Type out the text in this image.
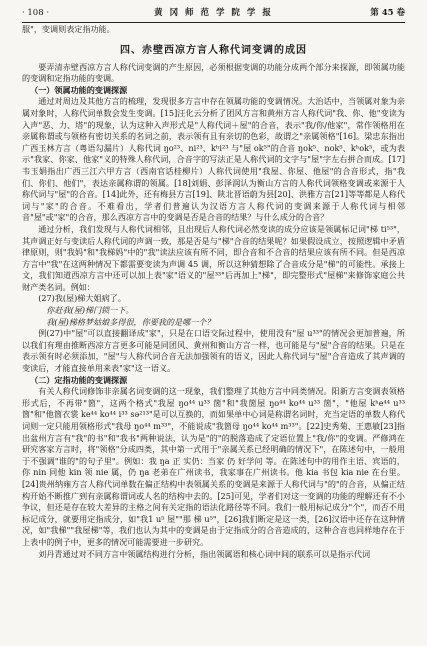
· 108 ·	黄 冈 师 范 学 院 学 报	第 45 卷

服"，变调则表定指功能。

四、赤壁西凉方言人称代词变调的成因

要弄清赤壁西凉方言人称代词变调的产生原因，必须根据变调的功能分成两个部分来探源，即领属功能的变调和定指功能的变调。

（一）领属功能的变调探源

通过对周边及其他方言的梳理，发现很多方言中存在领属功能的变调情况。大治话中，当领属对象为亲属对象时，人称代词单数会发生变调。[15]汪化云分析了团风方言和黄州方言人称代词"我、你、他"变读为入声"恶、力、塔"的现象，认为这种入声形式是"人称代词＋屋"的合音，表示"我/你/他家"，常作领格用在亲属称谓或与领格有密切关系的名词之前，表示领有且有亲切的色彩，故谓之"亲属领格"[16]。梁忠东指出广西玉林方言（粤语勾漏片）人称代词 ŋo²³、ni²³、kʰi²³ 与"屋 ok⁵"的合音 ŋok⁵、nok⁵、kʰok⁵，或为表示"我家、你家、他家"义的特殊人称代词，合音字的写法正是人称代词的文字与"屋"字左右拼合而成。[17]韦玉娟指出广西三江六甲方言（西南官话桂柳片）人称代词使用"我屋、你屋、他屋"的合音形式，指"我们、你们、他们"，表达亲属称谓的领属。[18]刘娟、彭泽润认为衡山方言的人称代词领格变调或来源于人称代词与"屋"的合音。[14]此外，还有梅县方言[19]、陕北晋语蔚为县[20]、洪雅方言[21]等等都是人称代词与"家"的合音。不难看出，学者们普遍认为汉语方言人称代词的变调来源于人称代词与相邻音"屋"或"家"的合音，那么西凉方言中的变调是否是合音的结果？与什么成分的合音？

通过分析，我们发现与人称代词相邻，且出现后人称代词必然变读的成分应该是领属标记词"梯 ti⁵³"，其声调正好与变读后人称代词的声调一致，那是否是与"梯"合音的结果呢？如果假设成立，按照逻辑中矛盾律原则，则"我妈"和"我梯妈"中的"我"读法应该有所不同，即合音和不合音的结果应该有所不同。但是西凉方言中"我"在这两种情况下都需要变读为声调 45 调，所以这种猜想除了合音成分是"梯"的可能性。承接上文，我们知道西凉方言中还可以加上表"家"语义的"屋³³"后再加上"梯"，即完整形式"屋梯"来修饰家庭公共财产类名词。例如：

(27)我(屋)梯大姐病了。

你赶我(屋)梯门锁一下。

我(屋)梯格梦姑娘多得很，你要我的是哪一个？

例(27)中"屋"可以直接翻译成"家"，只是在口语交际过程中，使用没有"屋 u³³"的情况会更加普遍，所以我们有理由推断西凉方言更多可能是同团风、黄州和衡山方言一样，也可能是与"屋"合音的结果。只是在表示领有时必须添加，"屋"与人称代词合音无法加强领有的语义，因此人称代词与"屋"合音造成了其声调的变读后，才能直接单用来表"家"这一语义。

（二）定指功能的变调探源

有关人称代词修饰非亲属名词变调的这一现象，我们整理了其他方言中同类情况。阳新方言变调表领格形式后，不再带"箇"，这两个格式"我屋 ŋo⁴⁴ u³³ 箇"和"我箇屋 ŋo⁴⁴ ko⁴⁴ u³³ 箇"，"他屋 kʰe⁴⁴ u³³ 箇"和"他箇衣裳 ke⁴⁴ ko⁴⁴ i³³ sə²¹³"是可以互换的，而如果单中心词是称谓名词时，充当定语的单数人称代词则一定只能用领格形式"我母 ŋo⁴⁴ m³³"，不能说成"我箇母 ŋo⁴⁴ ko⁴⁴ m³³"。[22]史秀菊、王惠敏[23]指出盆州方言有"我"的书"和"我书"两种说法，认为是"的"的脱落造成了定语位置上"我/你"的变调。严修鸿在研究客家方言时，将"领格"分成四类，其中第一式用于"亲属关系已经明确的情况下"，在陈述句中，一般用于不强调"谁的"的句子里"。例如：我 ŋa 正 实仍：当家 仍 好学问 等。在陈述句中的用作主语、宾语的，你 nin 同他 kin 领 nie 属，仍 ŋa 老弟在广州读书，我家事在广州读书。他 kia 书包 kia nie 在台里。[24]贵州纳雍方言人称代词单数在偏正结构中表领属关系的变调是来源于人称代词与"的"的合音，从偏正结构开始不断推广到有亲属称谓词或人名的结构中去的。[25]可见，学者们对这一变调的功能的理解还有不小争议，但还是存在较大差异的主格之间有关定指的语法化路径等不同。我们一般用标记成分"个"，而否不用标记成分，就要用定指成分，如"我1 u⁵ 屋""那 梯 u⁵"，[26]我们断定是这一类，[26]汉语中还存在这种情况，如"我梯""我屋梯"等，我们也认为其中的变调是由于定指成分的合音造成的，这种合音也同样地存在于上表中的例子中，更多的情况可能需要进一步研究。

刘丹青通过对不同方言中领属结构进行分析，指出领属语和核心词中间的联系可以是指示代词
